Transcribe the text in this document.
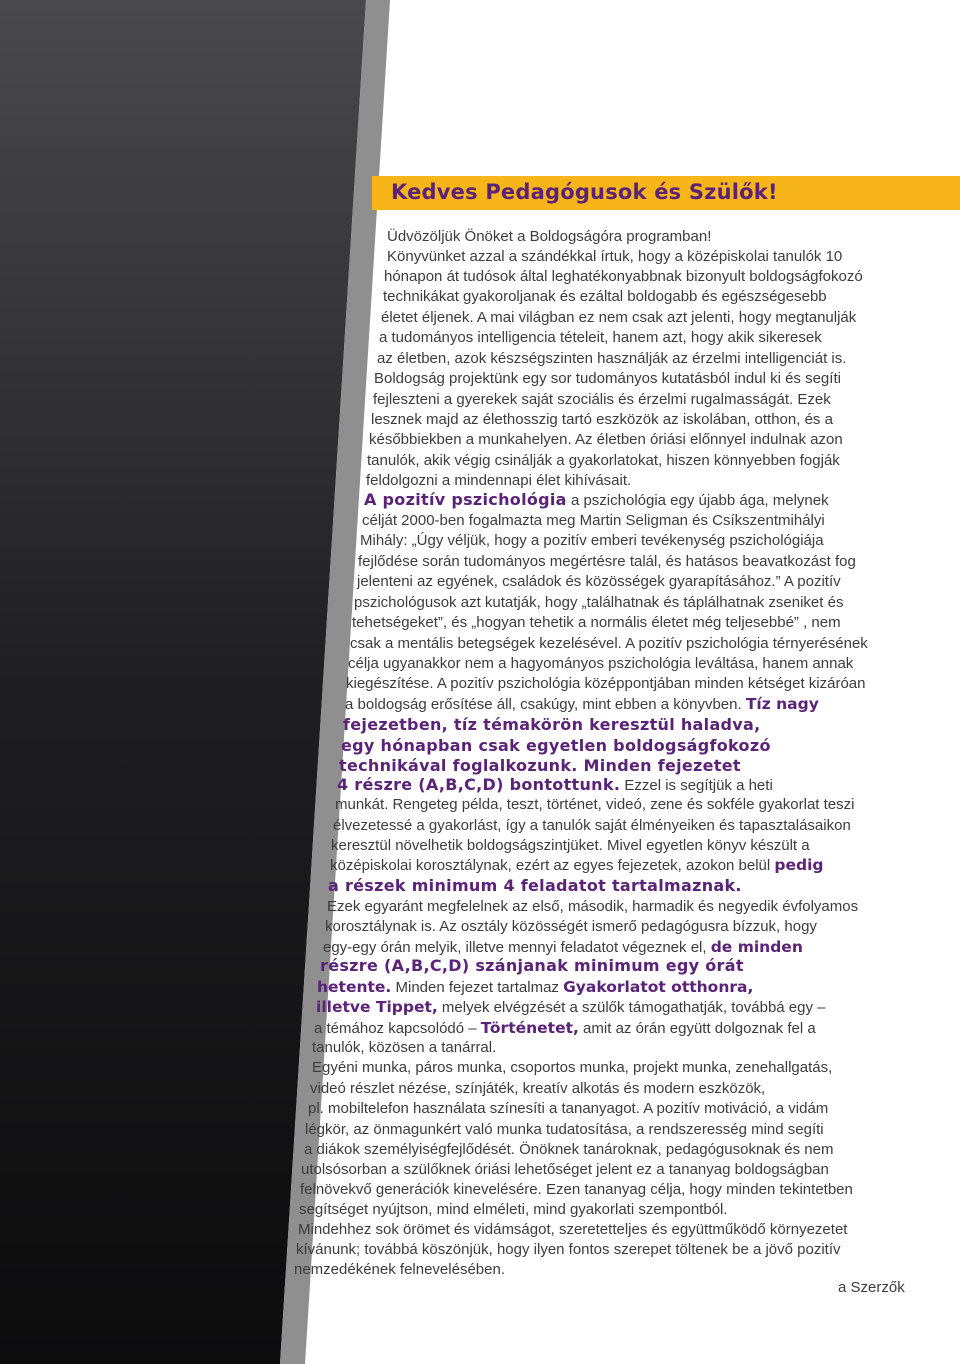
Kedves Pedagógusok és Szülők!
Üdvözöljük Önöket a Boldogságóra programban!
Könyvünket azzal a szándékkal írtuk, hogy a középiskolai tanulók 10
hónapon át tudósok által leghatékonyabbnak bizonyult boldogságfokozó
technikákat gyakoroljanak és ezáltal boldogabb és egészségesebb
életet éljenek. A mai világban ez nem csak azt jelenti, hogy megtanulják
a tudományos intelligencia tételeit, hanem azt, hogy akik sikeresek
az életben, azok készségszinten használják az érzelmi intelligenciát is.
Boldogság projektünk egy sor tudományos kutatásból indul ki és segíti
fejleszteni a gyerekek saját szociális és érzelmi rugalmasságát. Ezek
lesznek majd az élethosszig tartó eszközök az iskolában, otthon, és a
későbbiekben a munkahelyen. Az életben óriási előnnyel indulnak azon
tanulók, akik végig csinálják a gyakorlatokat, hiszen könnyebben fogják
feldolgozni a mindennapi élet kihívásait.
A pozitív pszichológia a pszichológia egy újabb ága, melynek
célját 2000-ben fogalmazta meg Martin Seligman és Csíkszentmihályi
Mihály: „Úgy véljük, hogy a pozitív emberi tevékenység pszichológiája
fejlődése során tudományos megértésre talál, és hatásos beavatkozást fog
jelenteni az egyének, családok és közösségek gyarapításához.” A pozitív
pszichológusok azt kutatják, hogy „találhatnak és táplálhatnak zseniket és
tehetségeket”, és „hogyan tehetik a normális életet még teljesebbé” , nem
csak a mentális betegségek kezelésével. A pozitív pszichológia térnyerésének
célja ugyanakkor nem a hagyományos pszichológia leváltása, hanem annak
kiegészítése. A pozitív pszichológia középpontjában minden kétséget kizáróan
a boldogság erősítése áll, csakúgy, mint ebben a könyvben. Tíz nagy
fejezetben, tíz témakörön keresztül haladva,
egy hónapban csak egyetlen boldogságfokozó
technikával foglalkozunk. Minden fejezetet
4 részre (A,B,C,D) bontottunk. Ezzel is segítjük a heti
munkát. Rengeteg példa, teszt, történet, videó, zene és sokféle gyakorlat teszi
élvezetessé a gyakorlást, így a tanulók saját élményeiken és tapasztalásaikon
keresztül növelhetik boldogságszintjüket. Mivel egyetlen könyv készült a
középiskolai korosztálynak, ezért az egyes fejezetek, azokon belül pedig
a részek minimum 4 feladatot tartalmaznak.
Ezek egyaránt megfelelnek az első, második, harmadik és negyedik évfolyamos
korosztálynak is. Az osztály közösségét ismerő pedagógusra bízzuk, hogy
egy-egy órán melyik, illetve mennyi feladatot végeznek el, de minden
részre (A,B,C,D) szánjanak minimum egy órát
hetente. Minden fejezet tartalmaz Gyakorlatot otthonra,
illetve Tippet, melyek elvégzését a szülők támogathatják, továbbá egy –
a témához kapcsolódó – Történetet, amit az órán együtt dolgoznak fel a
tanulók, közösen a tanárral.
Egyéni munka, páros munka, csoportos munka, projekt munka, zenehallgatás,
videó részlet nézése, színjáték, kreatív alkotás és modern eszközök,
pl. mobiltelefon használata színesíti a tananyagot. A pozitív motiváció, a vidám
légkör, az önmagunkért való munka tudatosítása, a rendszeresség mind segíti
a diákok személyiségfejlődését. Önöknek tanároknak, pedagógusoknak és nem
utolsósorban a szülőknek óriási lehetőséget jelent ez a tananyag boldogságban
felnövekvő generációk kinevelésére. Ezen tananyag célja, hogy minden tekintetben
segítséget nyújtson, mind elméleti, mind gyakorlati szempontból.
Mindehhez sok örömet és vidámságot, szeretetteljes és együttműködő környezetet
kívánunk; továbbá köszönjük, hogy ilyen fontos szerepet töltenek be a jövő pozitív
nemzedékének felnevelésében.
a Szerzők
